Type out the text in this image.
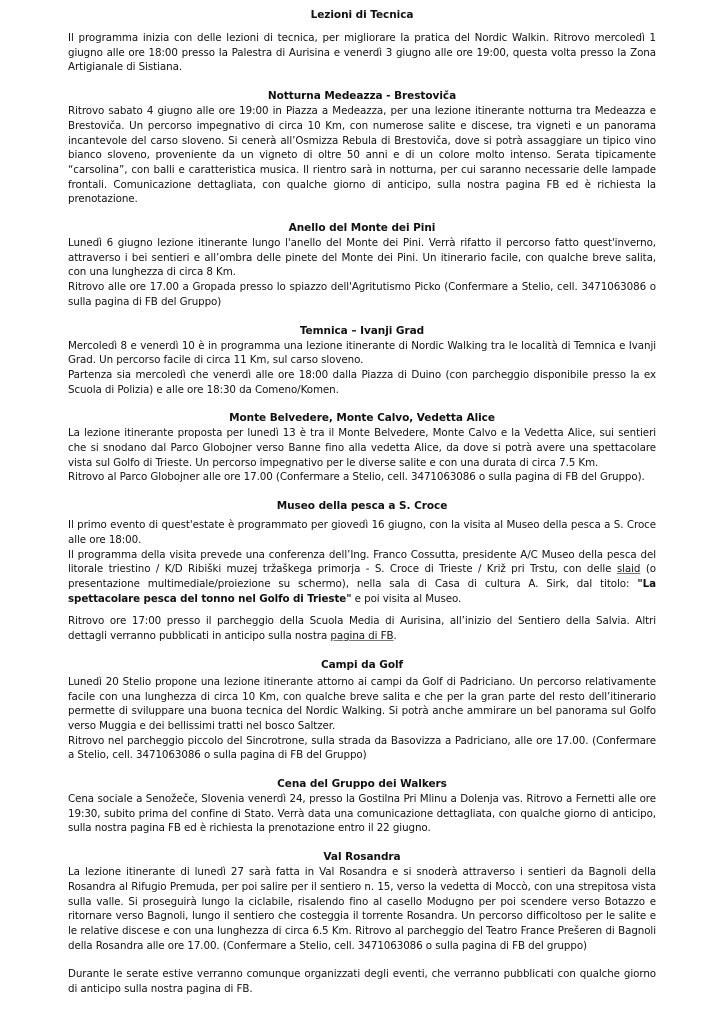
Lezioni di Tecnica

Il programma inizia con delle lezioni di tecnica, per migliorare la pratica del Nordic Walkin. Ritrovo mercoledì 1 giugno alle ore 18:00 presso la Palestra di Aurisina e venerdì 3 giugno alle ore 19:00, questa volta presso la Zona Artigianale di Sistiana.

Notturna Medeazza - Brestoviča

Ritrovo sabato 4 giugno alle ore 19:00 in Piazza a Medeazza, per una lezione itinerante notturna tra Medeazza e Brestoviča. Un percorso impegnativo di circa 10 Km, con numerose salite e discese, tra vigneti e un panorama incantevole del carso sloveno. Si cenerà all’Osmizza Rebula di Brestoviča, dove si potrà assaggiare un tipico vino bianco sloveno, proveniente da un vigneto di oltre 50 anni e di un colore molto intenso. Serata tipicamente “carsolina”, con balli e caratteristica musica. Il rientro sarà in notturna, per cui saranno necessarie delle lampade frontali. Comunicazione dettagliata, con qualche giorno di anticipo, sulla nostra pagina FB ed è richiesta la prenotazione.

Anello del Monte dei Pini

Lunedì 6 giugno lezione itinerante lungo l'anello del Monte dei Pini. Verrà rifatto il percorso fatto quest'inverno, attraverso i bei sentieri e all’ombra delle pinete del Monte dei Pini. Un itinerario facile, con qualche breve salita, con una lunghezza di circa 8 Km.

Ritrovo alle ore 17.00 a Gropada presso lo spiazzo dell'Agritutismo Picko (Confermare a Stelio, cell. 3471063086 o sulla pagina di FB del Gruppo)

Temnica – Ivanji Grad

Mercoledì 8 e venerdì 10 è in programma una lezione itinerante di Nordic Walking tra le località di Temnica e Ivanji Grad. Un percorso facile di circa 11 Km, sul carso sloveno.

Partenza sia mercoledì che venerdì alle ore 18:00 dalla Piazza di Duino (con parcheggio disponibile presso la ex Scuola di Polizia) e alle ore 18:30 da Comeno/Komen.

Monte Belvedere, Monte Calvo, Vedetta Alice

La lezione itinerante proposta per lunedì 13 è tra il Monte Belvedere, Monte Calvo e la Vedetta Alice, sui sentieri che si snodano dal Parco Globojner verso Banne fino alla vedetta Alice, da dove si potrà avere una spettacolare vista sul Golfo di Trieste. Un percorso impegnativo per le diverse salite e con una durata di circa 7.5 Km.

Ritrovo al Parco Globojner alle ore 17.00 (Confermare a Stelio, cell. 3471063086 o sulla pagina di FB del Gruppo).

Museo della pesca a S. Croce

Il primo evento di quest'estate è programmato per giovedì 16 giugno, con la visita al Museo della pesca a S. Croce alle ore 18:00.

Il programma della visita prevede una conferenza dell’Ing. Franco Cossutta, presidente A/C Museo della pesca del litorale triestino / K/D Ribiški muzej tržaškega primorja - S. Croce di Trieste / Križ pri Trstu, con delle slaid (o presentazione multimediale/proiezione su schermo), nella sala di Casa di cultura A. Sirk, dal titolo: "La spettacolare pesca del tonno nel Golfo di Trieste" e poi visita al Museo.

Ritrovo ore 17:00 presso il parcheggio della Scuola Media di Aurisina, all’inizio del Sentiero della Salvia. Altri dettagli verranno pubblicati in anticipo sulla nostra pagina di FB.

Campi da Golf

Lunedì 20 Stelio propone una lezione itinerante attorno ai campi da Golf di Padriciano. Un percorso relativamente facile con una lunghezza di circa 10 Km, con qualche breve salita e che per la gran parte del resto dell’itinerario permette di sviluppare una buona tecnica del Nordic Walking. Si potrà anche ammirare un bel panorama sul Golfo verso Muggia e dei bellissimi tratti nel bosco Saltzer.

Ritrovo nel parcheggio piccolo del Sincrotrone, sulla strada da Basovizza a Padriciano, alle ore 17.00. (Confermare a Stelio, cell. 3471063086 o sulla pagina di FB del Gruppo)

Cena del Gruppo dei Walkers

Cena sociale a Senožeče, Slovenia venerdì 24, presso la Gostilna Pri Mlinu a Dolenja vas. Ritrovo a Fernetti alle ore 19:30, subito prima del confine di Stato. Verrà data una comunicazione dettagliata, con qualche giorno di anticipo, sulla nostra pagina FB ed è richiesta la prenotazione entro il 22 giugno.

Val Rosandra

La lezione itinerante di lunedì 27 sarà fatta in Val Rosandra e si snoderà attraverso i sentieri da Bagnoli della Rosandra al Rifugio Premuda, per poi salire per il sentiero n. 15, verso la vedetta di Moccò, con una strepitosa vista sulla valle. Si proseguirà lungo la ciclabile, risalendo fino al casello Modugno per poi scendere verso Botazzo e ritornare verso Bagnoli, lungo il sentiero che costeggia il torrente Rosandra. Un percorso difficoltoso per le salite e le relative discese e con una lunghezza di circa 6.5 Km. Ritrovo al parcheggio del Teatro France Prešeren di Bagnoli della Rosandra alle ore 17.00. (Confermare a Stelio, cell. 3471063086 o sulla pagina di FB del gruppo)

Durante le serate estive verranno comunque organizzati degli eventi, che verranno pubblicati con qualche giorno di anticipo sulla nostra pagina di FB.
